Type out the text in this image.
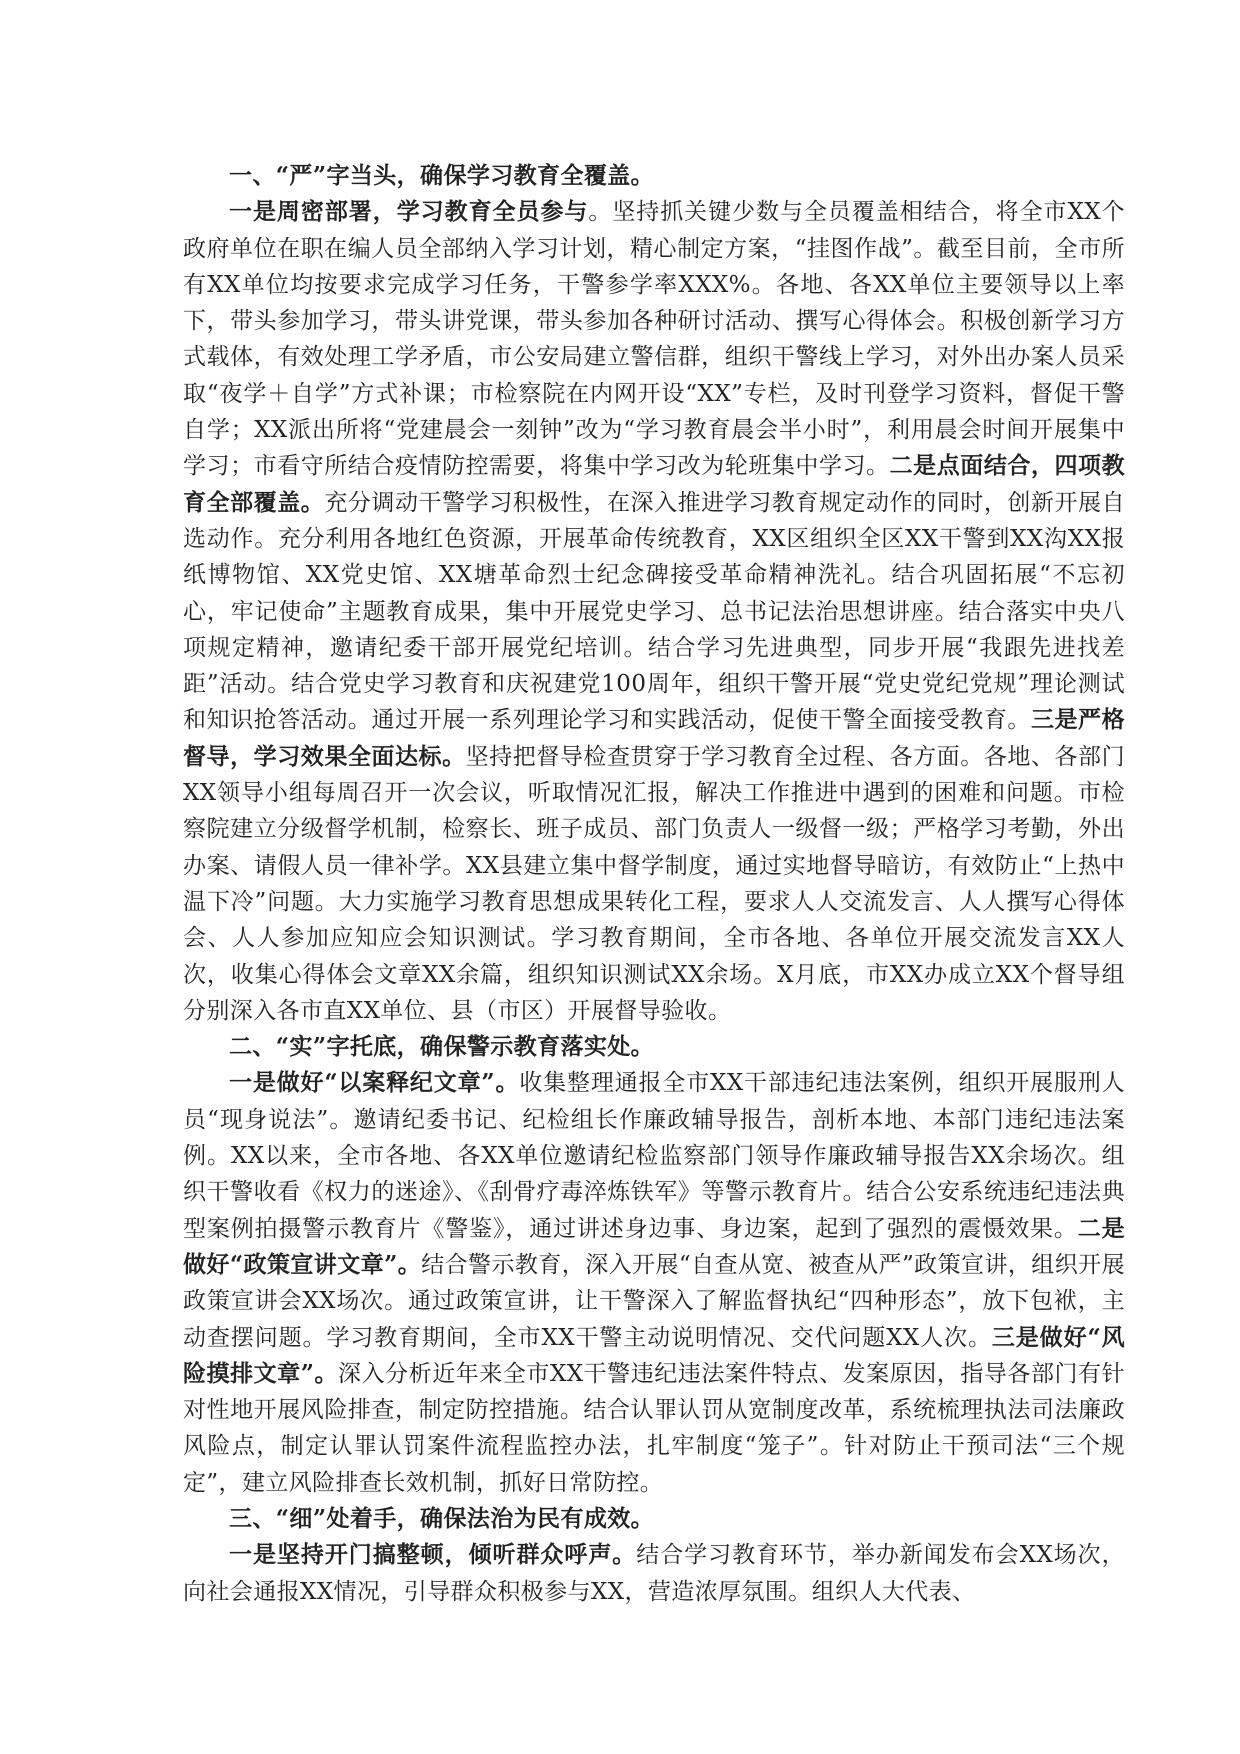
一、“严”字当头，确保学习教育全覆盖。

一是周密部署，学习教育全员参与。坚持抓关键少数与全员覆盖相结合，将全市XX个政府单位在职在编人员全部纳入学习计划，精心制定方案，“挂图作战”。截至目前，全市所有XX单位均按要求完成学习任务，干警参学率XXX%。各地、各XX单位主要领导以上率下，带头参加学习，带头讲党课，带头参加各种研讨活动、撰写心得体会。积极创新学习方式载体，有效处理工学矛盾，市公安局建立警信群，组织干警线上学习，对外出办案人员采取“夜学＋自学”方式补课；市检察院在内网开设“XX”专栏，及时刊登学习资料，督促干警自学；XX派出所将“党建晨会一刻钟”改为“学习教育晨会半小时”，利用晨会时间开展集中学习；市看守所结合疫情防控需要，将集中学习改为轮班集中学习。二是点面结合，四项教育全部覆盖。充分调动干警学习积极性，在深入推进学习教育规定动作的同时，创新开展自选动作。充分利用各地红色资源，开展革命传统教育，XX区组织全区XX干警到XX沟XX报纸博物馆、XX党史馆、XX塘革命烈士纪念碑接受革命精神洗礼。结合巩固拓展“不忘初心，牢记使命”主题教育成果，集中开展党史学习、总书记法治思想讲座。结合落实中央八项规定精神，邀请纪委干部开展党纪培训。结合学习先进典型，同步开展“我跟先进找差距”活动。结合党史学习教育和庆祝建党100周年，组织干警开展“党史党纪党规”理论测试和知识抢答活动。通过开展一系列理论学习和实践活动，促使干警全面接受教育。三是严格督导，学习效果全面达标。坚持把督导检查贯穿于学习教育全过程、各方面。各地、各部门XX领导小组每周召开一次会议，听取情况汇报，解决工作推进中遇到的困难和问题。市检察院建立分级督学机制，检察长、班子成员、部门负责人一级督一级；严格学习考勤，外出办案、请假人员一律补学。XX县建立集中督学制度，通过实地督导暗访，有效防止“上热中温下冷”问题。大力实施学习教育思想成果转化工程，要求人人交流发言、人人撰写心得体会、人人参加应知应会知识测试。学习教育期间，全市各地、各单位开展交流发言XX人次，收集心得体会文章XX余篇，组织知识测试XX余场。X月底，市XX办成立XX个督导组分别深入各市直XX单位、县（市区）开展督导验收。

二、“实”字托底，确保警示教育落实处。

一是做好“以案释纪文章”。收集整理通报全市XX干部违纪违法案例，组织开展服刑人员“现身说法”。邀请纪委书记、纪检组长作廉政辅导报告，剖析本地、本部门违纪违法案例。XX以来，全市各地、各XX单位邀请纪检监察部门领导作廉政辅导报告XX余场次。组织干警收看《权力的迷途》、《刮骨疗毒淬炼铁军》等警示教育片。结合公安系统违纪违法典型案例拍摄警示教育片《警鉴》，通过讲述身边事、身边案，起到了强烈的震慑效果。二是做好“政策宣讲文章”。结合警示教育，深入开展“自查从宽、被查从严”政策宣讲，组织开展政策宣讲会XX场次。通过政策宣讲，让干警深入了解监督执纪“四种形态”，放下包袱，主动查摆问题。学习教育期间，全市XX干警主动说明情况、交代问题XX人次。三是做好“风险摸排文章”。深入分析近年来全市XX干警违纪违法案件特点、发案原因，指导各部门有针对性地开展风险排查，制定防控措施。结合认罪认罚从宽制度改革，系统梳理执法司法廉政风险点，制定认罪认罚案件流程监控办法，扎牢制度“笼子”。针对防止干预司法“三个规定”，建立风险排查长效机制，抓好日常防控。

三、“细”处着手，确保法治为民有成效。

一是坚持开门搞整顿，倾听群众呼声。结合学习教育环节，举办新闻发布会XX场次，向社会通报XX情况，引导群众积极参与XX，营造浓厚氛围。组织人大代表、
